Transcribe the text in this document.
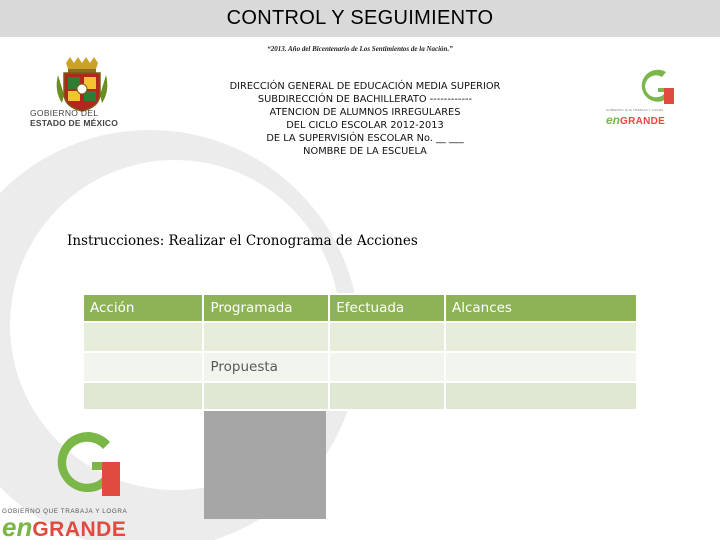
CONTROL Y SEGUIMIENTO
“2013. Año del Bicentenario de Los Sentimientos de la Nación.”
GOBIERNO DEL
ESTADO DE MÉXICO
DIRECCIÓN GENERAL DE EDUCACIÓN MEDIA SUPERIOR
SUBDIRECCIÓN DE BACHILLERATO ------------
ATENCION DE ALUMNOS IRREGULARES
DEL CICLO ESCOLAR 2012-2013
DE LA SUPERVISIÓN ESCOLAR No. __ ___
NOMBRE DE LA ESCUELA
GOBIERNO QUE TRABAJA Y LOGRA
enGRANDE
Instrucciones: Realizar el Cronograma de Acciones
Acción	Programada	Efectuada	Alcances

	Propuesta		

GOBIERNO QUE TRABAJA Y LOGRA
enGRANDE
